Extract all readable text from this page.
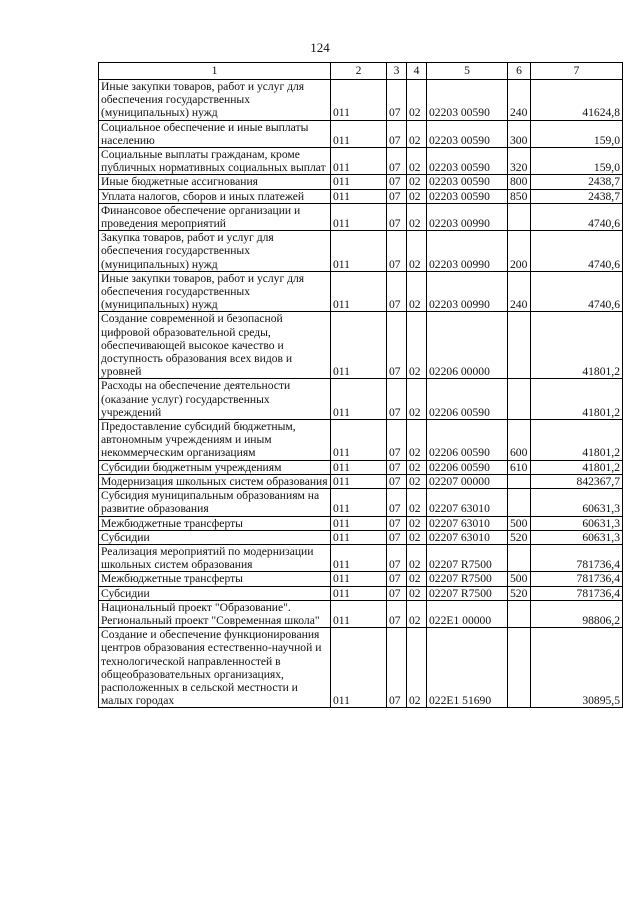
124
1	2	3	4	5	6	7
Иные закупки товаров, работ и услуг для обеспечения государственных (муниципальных) нужд	011	07	02	02203 00590	240	41624,8
Социальное обеспечение и иные выплаты населению	011	07	02	02203 00590	300	159,0
Социальные выплаты гражданам, кроме публичных нормативных социальных выплат	011	07	02	02203 00590	320	159,0
Иные бюджетные ассигнования	011	07	02	02203 00590	800	2438,7
Уплата налогов, сборов и иных платежей	011	07	02	02203 00590	850	2438,7
Финансовое обеспечение организации и проведения мероприятий	011	07	02	02203 00990		4740,6
Закупка товаров, работ и услуг для обеспечения государственных (муниципальных) нужд	011	07	02	02203 00990	200	4740,6
Иные закупки товаров, работ и услуг для обеспечения государственных (муниципальных) нужд	011	07	02	02203 00990	240	4740,6
Создание современной и безопасной цифровой образовательной среды, обеспечивающей высокое качество и доступность образования всех видов и уровней	011	07	02	02206 00000		41801,2
Расходы на обеспечение деятельности (оказание услуг) государственных учреждений	011	07	02	02206 00590		41801,2
Предоставление субсидий бюджетным, автономным учреждениям и иным некоммерческим организациям	011	07	02	02206 00590	600	41801,2
Субсидии бюджетным учреждениям	011	07	02	02206 00590	610	41801,2
Модернизация школьных систем образования	011	07	02	02207 00000		842367,7
Субсидия муниципальным образованиям на развитие образования	011	07	02	02207 63010		60631,3
Межбюджетные трансферты	011	07	02	02207 63010	500	60631,3
Субсидии	011	07	02	02207 63010	520	60631,3
Реализация мероприятий по модернизации школьных систем образования	011	07	02	02207 R7500		781736,4
Межбюджетные трансферты	011	07	02	02207 R7500	500	781736,4
Субсидии	011	07	02	02207 R7500	520	781736,4
Национальный проект "Образование". Региональный проект "Современная школа"	011	07	02	022E1 00000		98806,2
Создание и обеспечение функционирования центров образования естественно-научной и технологической направленностей в общеобразовательных организациях, расположенных в сельской местности и малых городах	011	07	02	022E1 51690		30895,5
